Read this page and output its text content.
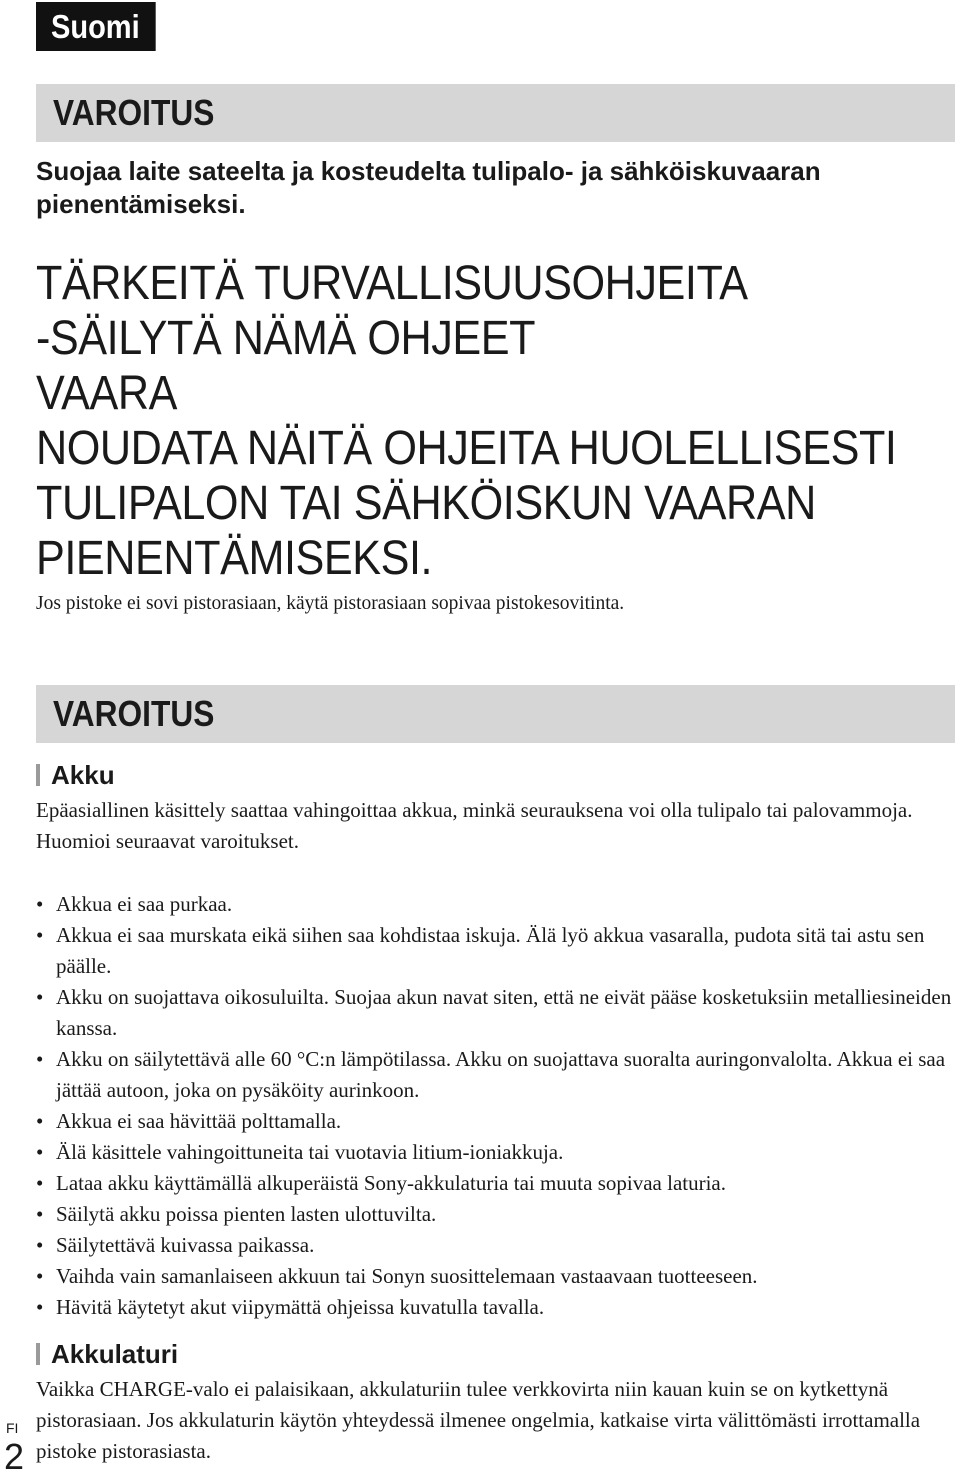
Suomi
VAROITUS
Suojaa laite sateelta ja kosteudelta tulipalo- ja sähköiskuvaaran pienentämiseksi.
TÄRKEITÄ TURVALLISUUSOHJEITA
-SÄILYTÄ NÄMÄ OHJEET
VAARA
NOUDATA NÄITÄ OHJEITA HUOLELLISESTI
TULIPALON TAI SÄHKÖISKUN VAARAN
PIENENTÄMISEKSI.
Jos pistoke ei sovi pistorasiaan, käytä pistorasiaan sopivaa pistokesovitinta.
VAROITUS
Akku

Epäasiallinen käsittely saattaa vahingoittaa akkua, minkä seurauksena voi olla tulipalo tai palovammoja. Huomioi seuraavat varoitukset.

• Akkua ei saa purkaa.
• Akkua ei saa murskata eikä siihen saa kohdistaa iskuja. Älä lyö akkua vasaralla, pudota sitä tai astu sen päälle.
• Akku on suojattava oikosuluilta. Suojaa akun navat siten, että ne eivät pääse kosketuksiin metalliesineiden kanssa.
• Akku on säilytettävä alle 60 °C:n lämpötilassa. Akku on suojattava suoralta auringonvalolta. Akkua ei saa jättää autoon, joka on pysäköity aurinkoon.
• Akkua ei saa hävittää polttamalla.
• Älä käsittele vahingoittuneita tai vuotavia litium-ioniakkuja.
• Lataa akku käyttämällä alkuperäistä Sony-akkulaturia tai muuta sopivaa laturia.
• Säilytä akku poissa pienten lasten ulottuvilta.
• Säilytettävä kuivassa paikassa.
• Vaihda vain samanlaiseen akkuun tai Sonyn suosittelemaan vastaavaan tuotteeseen.
• Hävitä käytetyt akut viipymättä ohjeissa kuvatulla tavalla.
Akkulaturi

Vaikka CHARGE-valo ei palaisikaan, akkulaturiin tulee verkkovirta niin kauan kuin se on kytkettynä pistorasiaan. Jos akkulaturin käytön yhteydessä ilmenee ongelmia, katkaise virta välittömästi irrottamalla pistoke pistorasiasta.

FI
2
